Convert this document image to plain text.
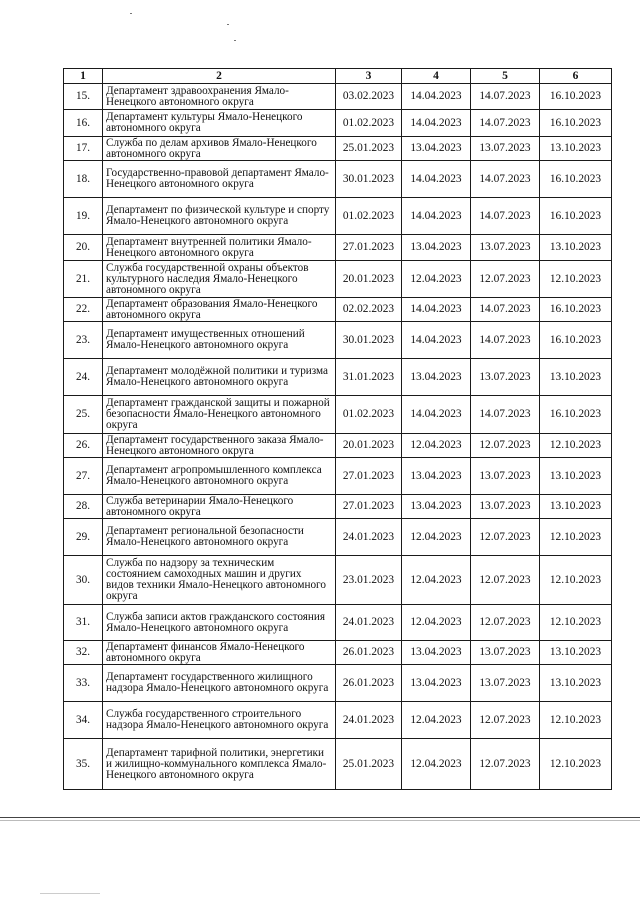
1	2	3	4	5	6
15.	Департамент здравоохранения Ямало-Ненецкого автономного округа	03.02.2023	14.04.2023	14.07.2023	16.10.2023
16.	Департамент культуры Ямало-Ненецкого автономного округа	01.02.2023	14.04.2023	14.07.2023	16.10.2023
17.	Служба по делам архивов Ямало-Ненецкого автономного округа	25.01.2023	13.04.2023	13.07.2023	13.10.2023
18.	Государственно-правовой департамент Ямало-Ненецкого автономного округа	30.01.2023	14.04.2023	14.07.2023	16.10.2023
19.	Департамент по физической культуре и спорту Ямало-Ненецкого автономного округа	01.02.2023	14.04.2023	14.07.2023	16.10.2023
20.	Департамент внутренней политики Ямало-Ненецкого автономного округа	27.01.2023	13.04.2023	13.07.2023	13.10.2023
21.	Служба государственной охраны объектов культурного наследия Ямало-Ненецкого автономного округа	20.01.2023	12.04.2023	12.07.2023	12.10.2023
22.	Департамент образования Ямало-Ненецкого автономного округа	02.02.2023	14.04.2023	14.07.2023	16.10.2023
23.	Департамент имущественных отношений Ямало-Ненецкого автономного округа	30.01.2023	14.04.2023	14.07.2023	16.10.2023
24.	Департамент молодёжной политики и туризма Ямало-Ненецкого автономного округа	31.01.2023	13.04.2023	13.07.2023	13.10.2023
25.	Департамент гражданской защиты и пожарной безопасности Ямало-Ненецкого автономного округа	01.02.2023	14.04.2023	14.07.2023	16.10.2023
26.	Департамент государственного заказа Ямало-Ненецкого автономного округа	20.01.2023	12.04.2023	12.07.2023	12.10.2023
27.	Департамент агропромышленного комплекса Ямало-Ненецкого автономного округа	27.01.2023	13.04.2023	13.07.2023	13.10.2023
28.	Служба ветеринарии Ямало-Ненецкого автономного округа	27.01.2023	13.04.2023	13.07.2023	13.10.2023
29.	Департамент региональной безопасности Ямало-Ненецкого автономного округа	24.01.2023	12.04.2023	12.07.2023	12.10.2023
30.	Служба по надзору за техническим состоянием самоходных машин и других видов техники Ямало-Ненецкого автономного округа	23.01.2023	12.04.2023	12.07.2023	12.10.2023
31.	Служба записи актов гражданского состояния Ямало-Ненецкого автономного округа	24.01.2023	12.04.2023	12.07.2023	12.10.2023
32.	Департамент финансов Ямало-Ненецкого автономного округа	26.01.2023	13.04.2023	13.07.2023	13.10.2023
33.	Департамент государственного жилищного надзора Ямало-Ненецкого автономного округа	26.01.2023	13.04.2023	13.07.2023	13.10.2023
34.	Служба государственного строительного надзора Ямало-Ненецкого автономного округа	24.01.2023	12.04.2023	12.07.2023	12.10.2023
35.	Департамент тарифной политики, энергетики и жилищно-коммунального комплекса Ямало-Ненецкого автономного округа	25.01.2023	12.04.2023	12.07.2023	12.10.2023
